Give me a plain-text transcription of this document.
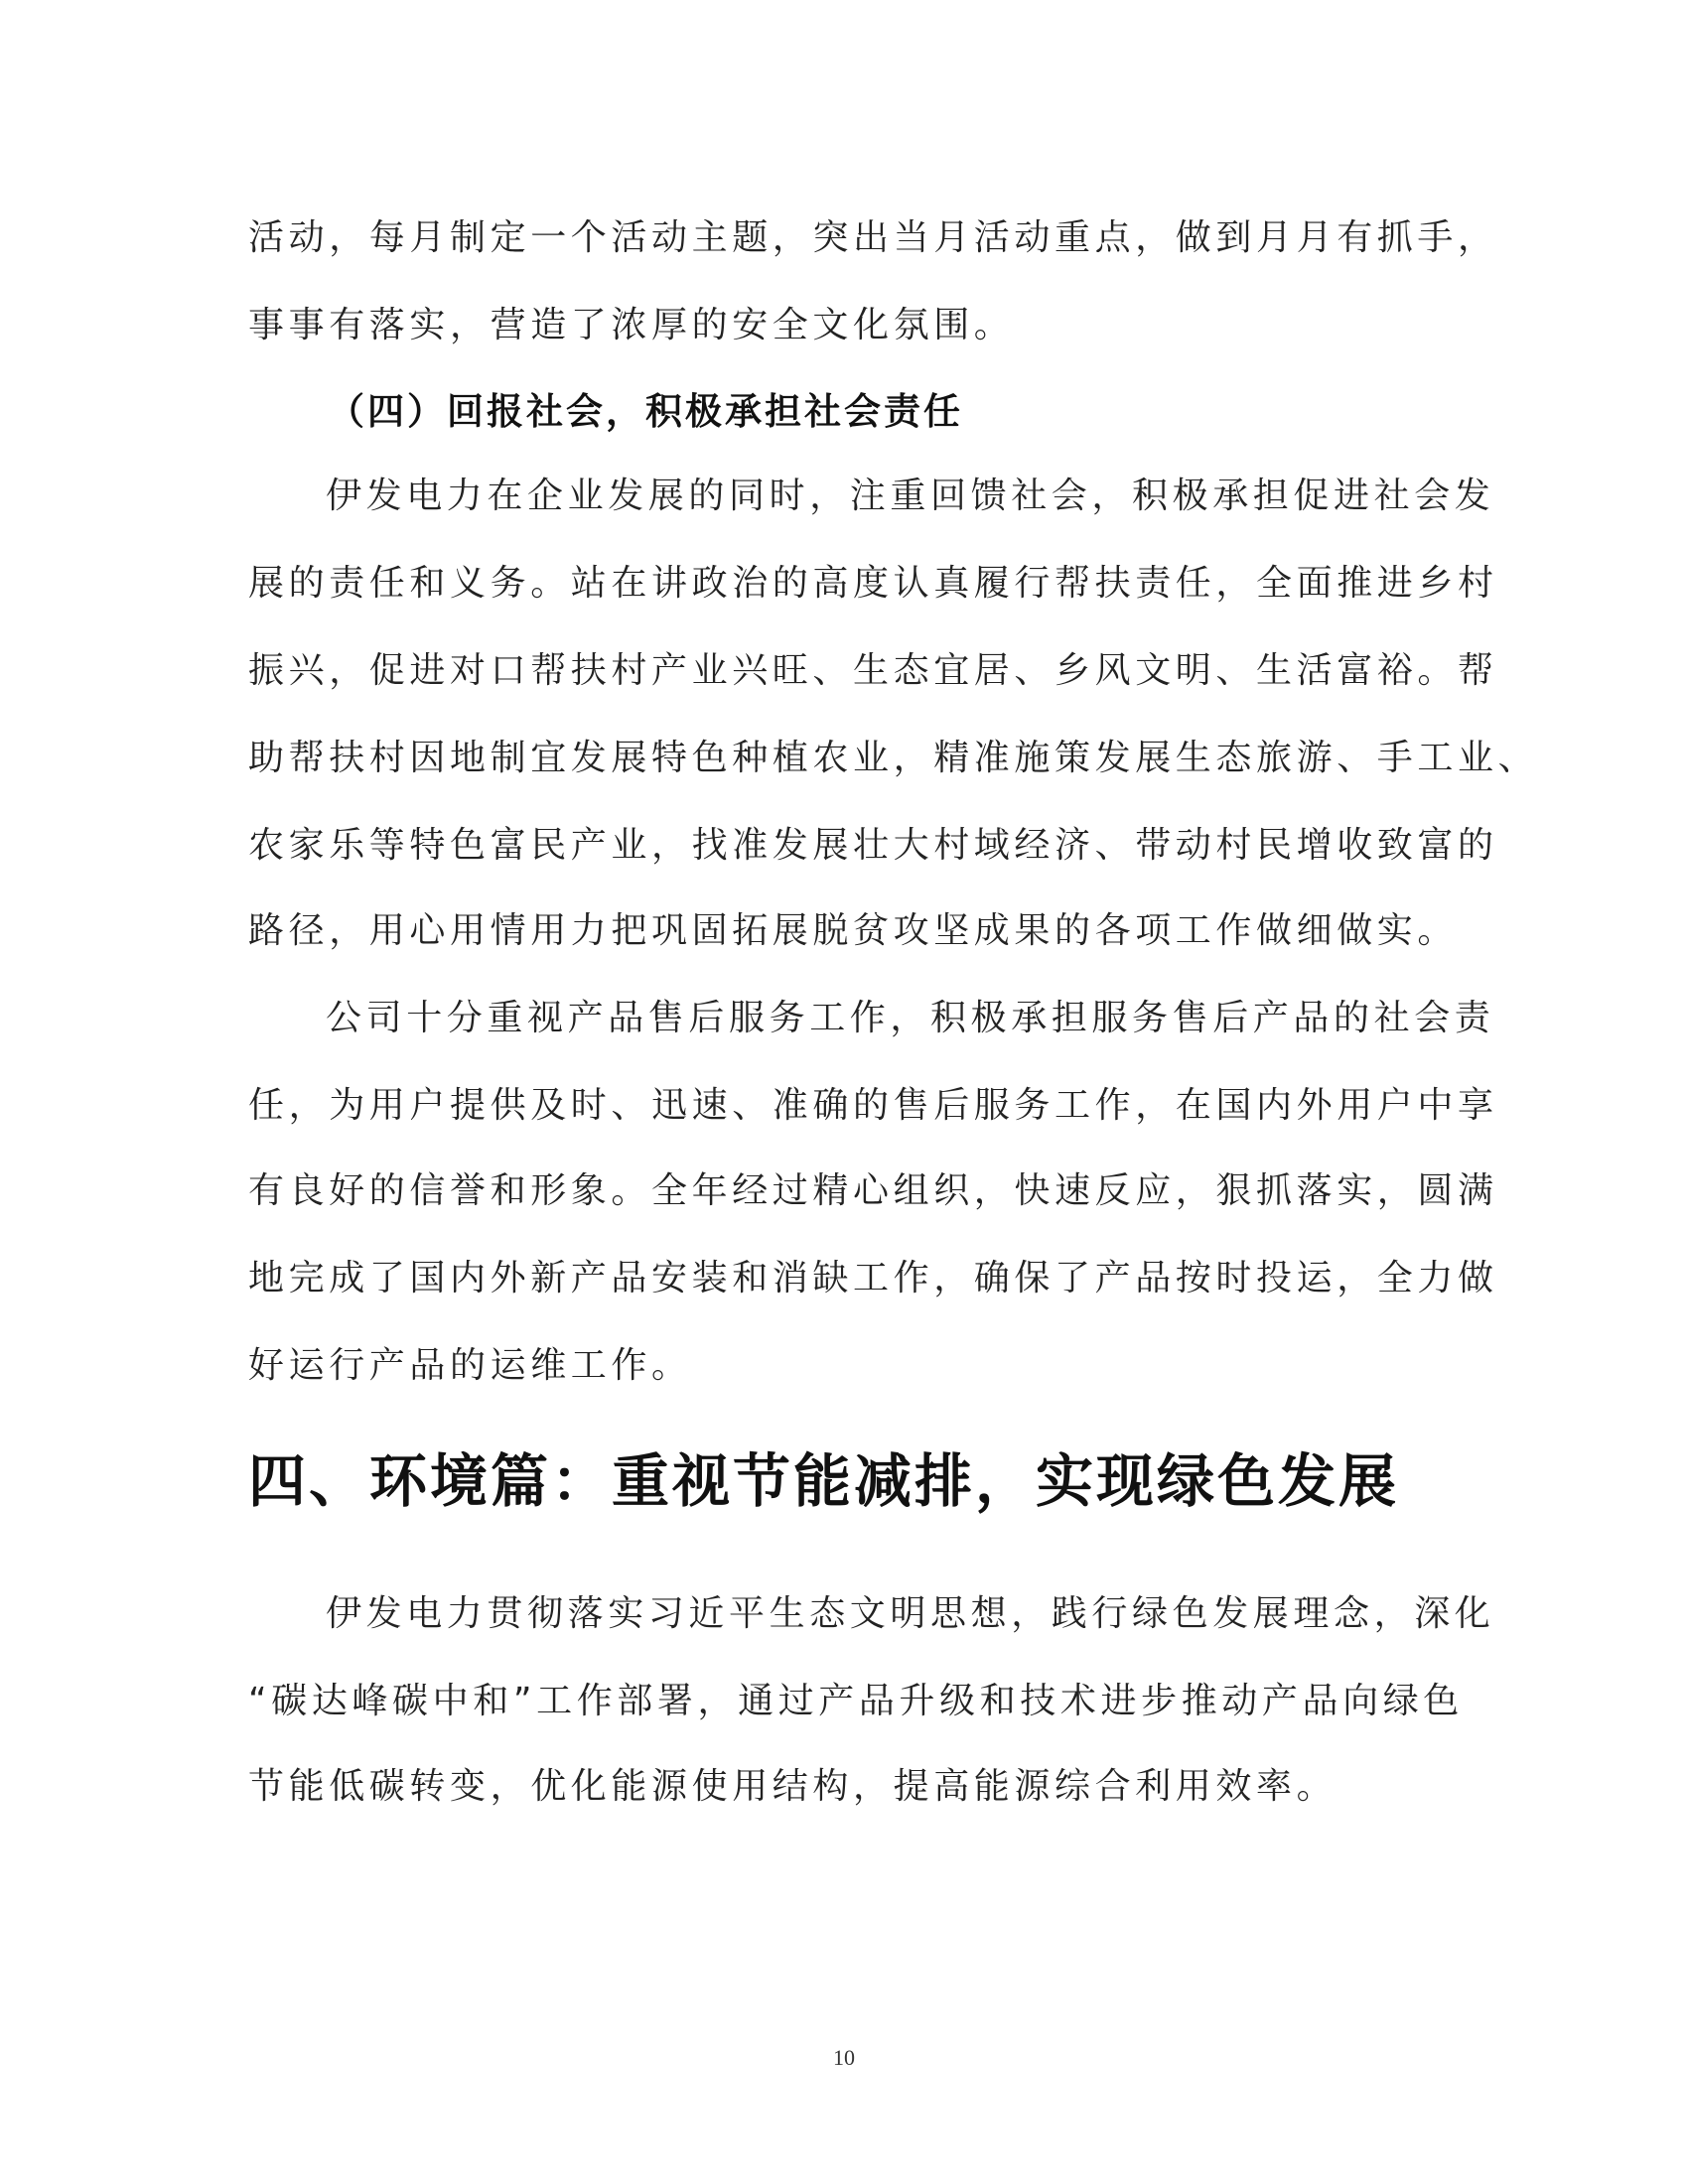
活动，每月制定一个活动主题，突出当月活动重点，做到月月有抓手，
事事有落实，营造了浓厚的安全文化氛围。
（四）回报社会，积极承担社会责任
伊发电力在企业发展的同时，注重回馈社会，积极承担促进社会发
展的责任和义务。站在讲政治的高度认真履行帮扶责任，全面推进乡村
振兴，促进对口帮扶村产业兴旺、生态宜居、乡风文明、生活富裕。帮
助帮扶村因地制宜发展特色种植农业，精准施策发展生态旅游、手工业、
农家乐等特色富民产业，找准发展壮大村域经济、带动村民增收致富的
路径，用心用情用力把巩固拓展脱贫攻坚成果的各项工作做细做实。
公司十分重视产品售后服务工作，积极承担服务售后产品的社会责
任，为用户提供及时、迅速、准确的售后服务工作，在国内外用户中享
有良好的信誉和形象。全年经过精心组织，快速反应，狠抓落实，圆满
地完成了国内外新产品安装和消缺工作，确保了产品按时投运，全力做
好运行产品的运维工作。
四、环境篇：重视节能减排，实现绿色发展
伊发电力贯彻落实习近平生态文明思想，践行绿色发展理念，深化
“碳达峰碳中和”工作部署，通过产品升级和技术进步推动产品向绿色
节能低碳转变，优化能源使用结构，提高能源综合利用效率。
10
